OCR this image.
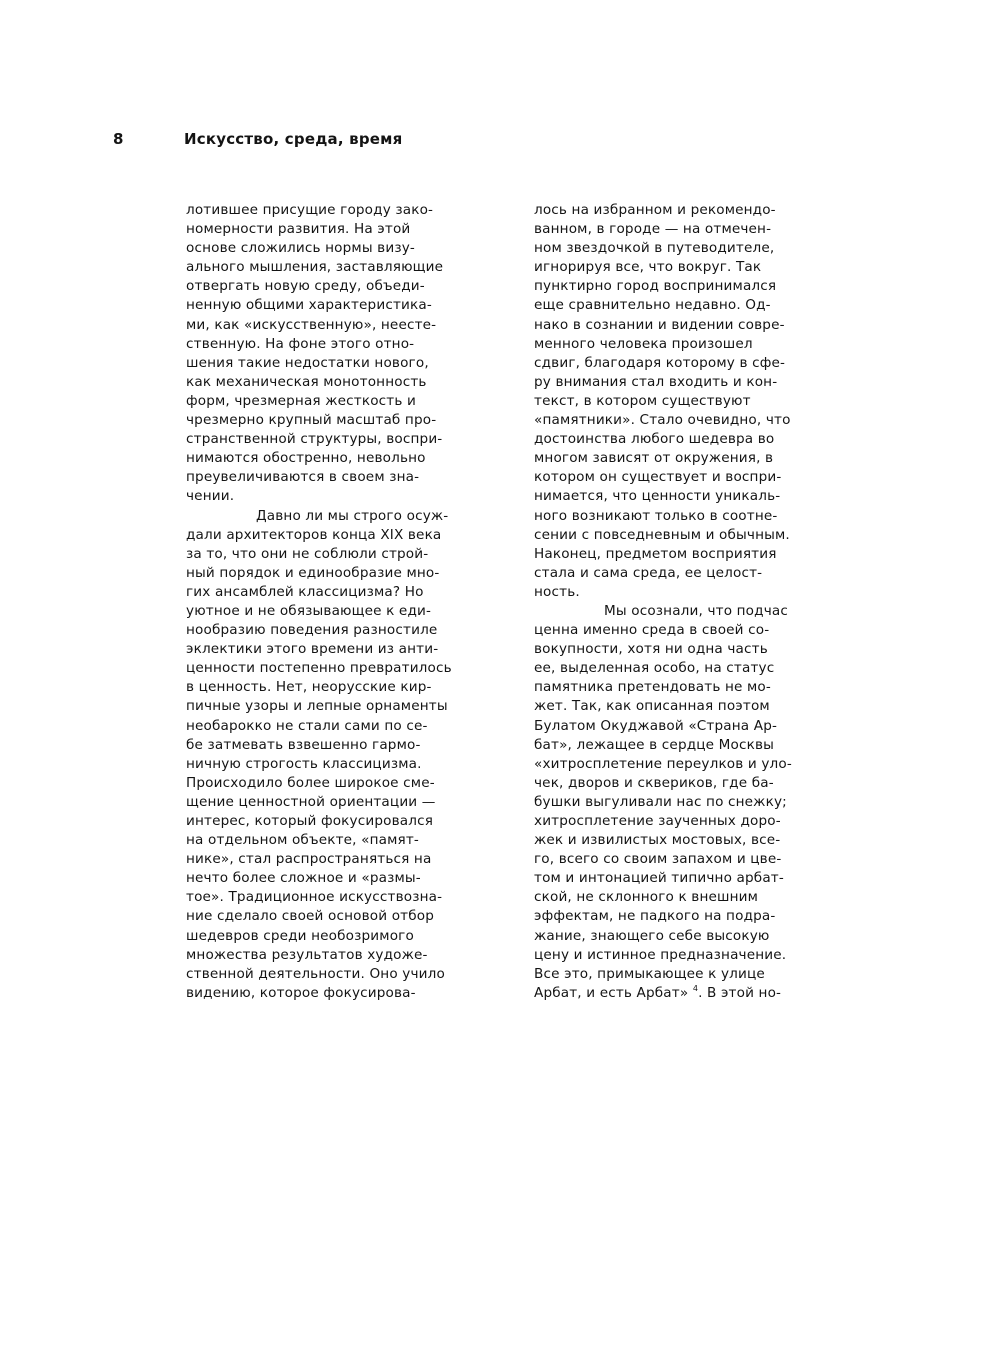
8	Искусство, среда, время
лотившее присущие городу зако-
номерности развития. На этой
основе сложились нормы визу-
ального мышления, заставляющие
отвергать новую среду, объеди-
ненную общими характеристика-
ми, как «искусственную», неесте-
ственную. На фоне этого отно-
шения такие недостатки нового,
как механическая монотонность
форм, чрезмерная жесткость и
чрезмерно крупный масштаб про-
странственной структуры, воспри-
нимаются обостренно, невольно
преувеличиваются в своем зна-
чении.
Давно ли мы строго осуж-
дали архитекторов конца XIX века
за то, что они не соблюли строй-
ный порядок и единообразие мно-
гих ансамблей классицизма? Но
уютное и не обязывающее к еди-
нообразию поведения разностиле
эклектики этого времени из анти-
ценности постепенно превратилось
в ценность. Нет, неорусские кир-
пичные узоры и лепные орнаменты
необарокко не стали сами по се-
бе затмевать взвешенно гармо-
ничную строгость классицизма.
Происходило более широкое сме-
щение ценностной ориентации —
интерес, который фокусировался
на отдельном объекте, «памят-
нике», стал распространяться на
нечто более сложное и «размы-
тое». Традиционное искусствозна-
ние сделало своей основой отбор
шедевров среди необозримого
множества результатов художе-
ственной деятельности. Оно учило
видению, которое фокусирова-
лось на избранном и рекомендо-
ванном, в городе — на отмечен-
ном звездочкой в путеводителе,
игнорируя все, что вокруг. Так
пунктирно город воспринимался
еще сравнительно недавно. Од-
нако в сознании и видении совре-
менного человека произошел
сдвиг, благодаря которому в сфе-
ру внимания стал входить и кон-
текст, в котором существуют
«памятники». Стало очевидно, что
достоинства любого шедевра во
многом зависят от окружения, в
котором он существует и воспри-
нимается, что ценности уникаль-
ного возникают только в соотне-
сении с повседневным и обычным.
Наконец, предметом восприятия
стала и сама среда, ее целост-
ность.
Мы осознали, что подчас
ценна именно среда в своей со-
вокупности, хотя ни одна часть
ее, выделенная особо, на статус
памятника претендовать не мо-
жет. Так, как описанная поэтом
Булатом Окуджавой «Страна Ар-
бат», лежащее в сердце Москвы
«хитросплетение переулков и уло-
чек, дворов и сквериков, где ба-
бушки выгуливали нас по снежку;
хитросплетение заученных доро-
жек и извилистых мостовых, все-
го, всего со своим запахом и цве-
том и интонацией типично арбат-
ской, не склонного к внешним
эффектам, не падкого на подра-
жание, знающего себе высокую
цену и истинное предназначение.
Все это, примыкающее к улице
Арбат, и есть Арбат» $^4$. В этой но-
